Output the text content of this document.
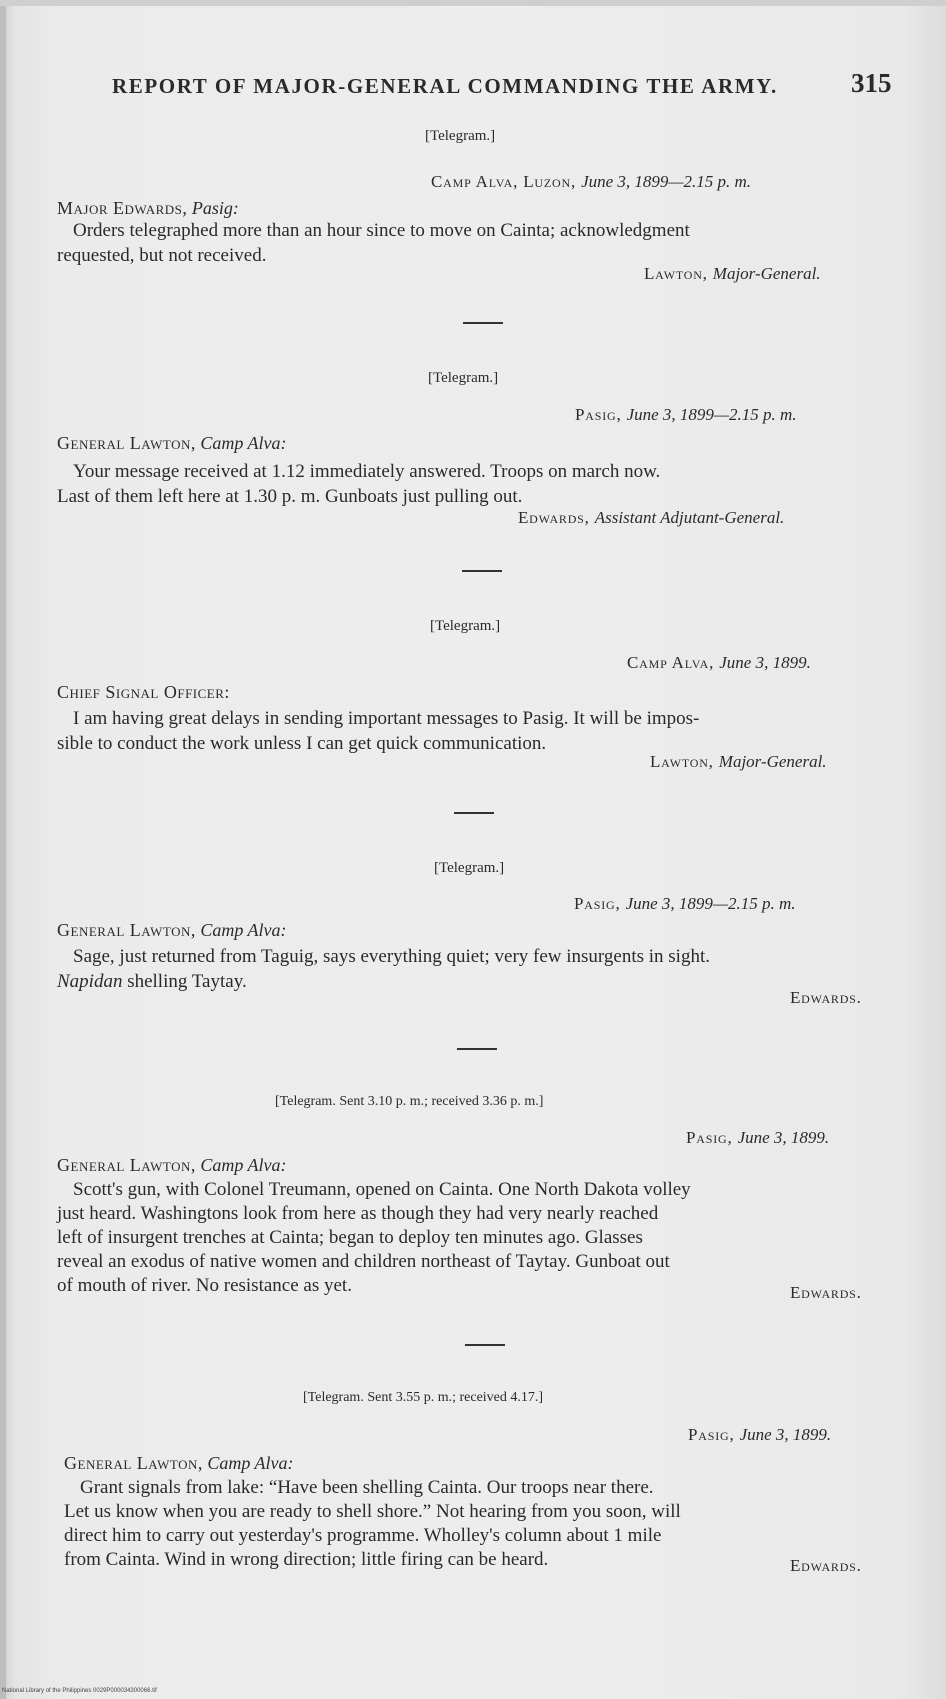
REPORT OF MAJOR-GENERAL COMMANDING THE ARMY.	315
[Telegram.]
Camp Alva, Luzon, June 3, 1899—2.15 p. m.
Major Edwards, Pasig:
Orders telegraphed more than an hour since to move on Cainta; acknowledgment
requested, but not received.
Lawton, Major-General.
[Telegram.]
Pasig, June 3, 1899—2.15 p. m.
General Lawton, Camp Alva:
Your message received at 1.12 immediately answered. Troops on march now.
Last of them left here at 1.30 p. m. Gunboats just pulling out.
Edwards, Assistant Adjutant-General.
[Telegram.]
Camp Alva, June 3, 1899.
Chief Signal Officer:
I am having great delays in sending important messages to Pasig. It will be impos-
sible to conduct the work unless I can get quick communication.
Lawton, Major-General.
[Telegram.]
Pasig, June 3, 1899—2.15 p. m.
General Lawton, Camp Alva:
Sage, just returned from Taguig, says everything quiet; very few insurgents in sight.
Napidan shelling Taytay.
Edwards.
[Telegram. Sent 3.10 p. m.; received 3.36 p. m.]
Pasig, June 3, 1899.
General Lawton, Camp Alva:
Scott's gun, with Colonel Treumann, opened on Cainta. One North Dakota volley
just heard. Washingtons look from here as though they had very nearly reached
left of insurgent trenches at Cainta; began to deploy ten minutes ago. Glasses
reveal an exodus of native women and children northeast of Taytay. Gunboat out
of mouth of river. No resistance as yet.	Edwards.
[Telegram. Sent 3.55 p. m.; received 4.17.]
Pasig, June 3, 1899.
General Lawton, Camp Alva:
Grant signals from lake: “Have been shelling Cainta. Our troops near there.
Let us know when you are ready to shell shore.” Not hearing from you soon, will
direct him to carry out yesterday's programme. Wholley's column about 1 mile
from Cainta. Wind in wrong direction; little firing can be heard.	Edwards.
National Library of the Philippines 0029P000034300066.tif
